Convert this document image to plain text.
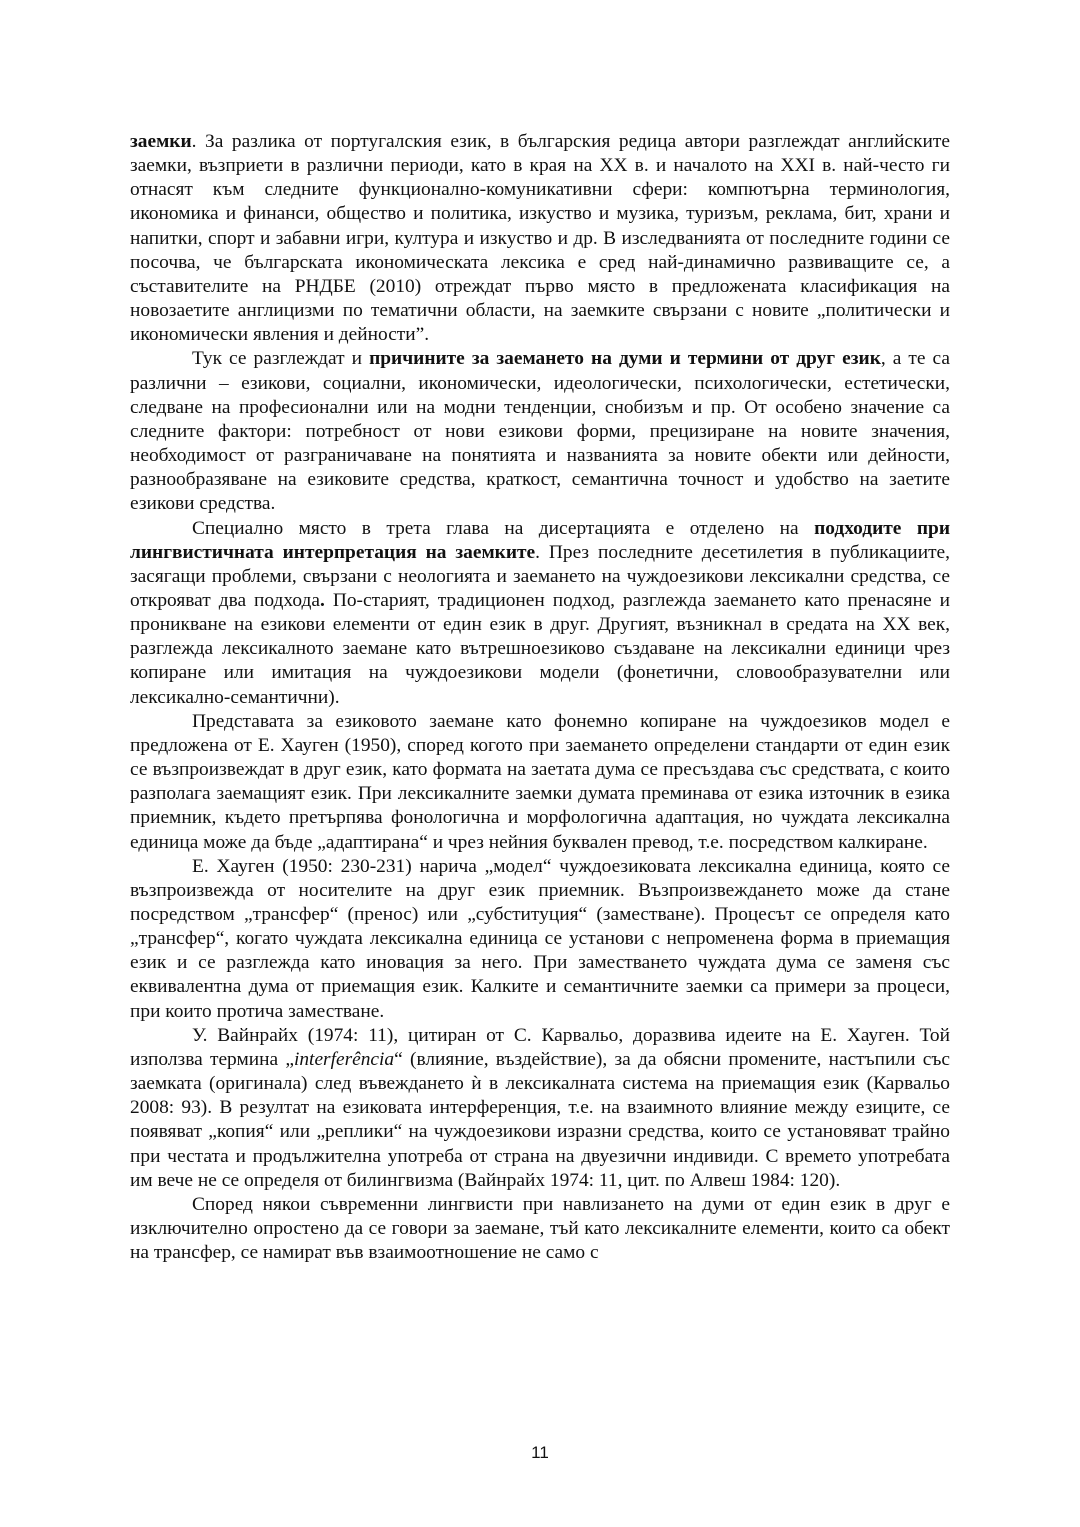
заемки. За разлика от португалския език, в българския редица автори разглеждат английските заемки, възприети в различни периоди, като в края на XX в. и началото на XXI в. най-често ги отнасят към следните функционално-комуникативни сфери: компютърна терминология, икономика и финанси, общество и политика, изкуство и музика, туризъм, реклама, бит, храни и напитки, спорт и забавни игри, култура и изкуство и др. В изследванията от последните години се посочва, че българската икономическата лексика е сред най-динамично развиващите се, а съставителите на РНДБЕ (2010) отреждат първо място в предложената класификация на новозаетите англицизми по тематични области, на заемките свързани с новите „политически и икономически явления и дейности”.

Тук се разглеждат и причините за заемането на думи и термини от друг език, а те са различни – езикови, социални, икономически, идеологически, психологически, естетически, следване на професионални или на модни тенденции, снобизъм и пр. От особено значение са следните фактори: потребност от нови езикови форми, прецизиране на новите значения, необходимост от разграничаване на понятията и названията за новите обекти или дейности, разнообразяване на езиковите средства, краткост, семантична точност и удобство на заетите езикови средства.

Специално място в трета глава на дисертацията е отделено на подходите при лингвистичната интерпретация на заемките. През последните десетилетия в публикациите, засягащи проблеми, свързани с неологията и заемането на чуждоезикови лексикални средства, се открояват два подхода. По-старият, традиционен подход, разглежда заемането като пренасяне и проникване на езикови елементи от един език в друг. Другият, възникнал в средата на XX век, разглежда лексикалното заемане като вътрешноезиково създаване на лексикални единици чрез копиране или имитация на чуждоезикови модели (фонетични, словообразувателни или лексикално-семантични).

Представата за езиковото заемане като фонемно копиране на чуждоезиков модел е предложена от Е. Хауген (1950), според когото при заемането определени стандарти от един език се възпроизвеждат в друг език, като формата на заетата дума се пресъздава със средствата, с които разполага заемащият език. При лексикалните заемки думата преминава от езика източник в езика приемник, където претърпява фонологична и морфологична адаптация, но чуждата лексикална единица може да бъде „адаптирана“ и чрез нейния буквален превод, т.е. посредством калкиране.

Е. Хауген (1950: 230-231) нарича „модел“ чуждоезиковата лексикална единица, която се възпроизвежда от носителите на друг език приемник. Възпроизвеждането може да стане посредством „трансфер“ (пренос) или „субституция“ (заместване). Процесът се определя като „трансфер“, когато чуждата лексикална единица се установи с непроменена форма в приемащия език и се разглежда като иновация за него. При заместването чуждата дума се заменя със еквивалентна дума от приемащия език. Калките и семантичните заемки са примери за процеси, при които протича заместване.

У. Вайнрайх (1974: 11), цитиран от С. Карвальо, доразвива идеите на Е. Хауген. Той използва термина „interferência“ (влияние, въздействие), за да обясни промените, настъпили със заемката (оригинала) след въвеждането ѝ в лексикалната система на приемащия език (Карвальо 2008: 93). В резултат на езиковата интерференция, т.е. на взаимното влияние между езиците, се появяват „копия“ или „реплики“ на чуждоезикови изразни средства, които се установяват трайно при честата и продължителна употреба от страна на двуезични индивиди. С времето употребата им вече не се определя от билингвизма (Вайнрайх 1974: 11, цит. по Алвеш 1984: 120).

Според някои съвременни лингвисти при навлизането на думи от един език в друг е изключително опростено да се говори за заемане, тъй като лексикалните елементи, които са обект на трансфер, се намират във взаимоотношение не само с

11
